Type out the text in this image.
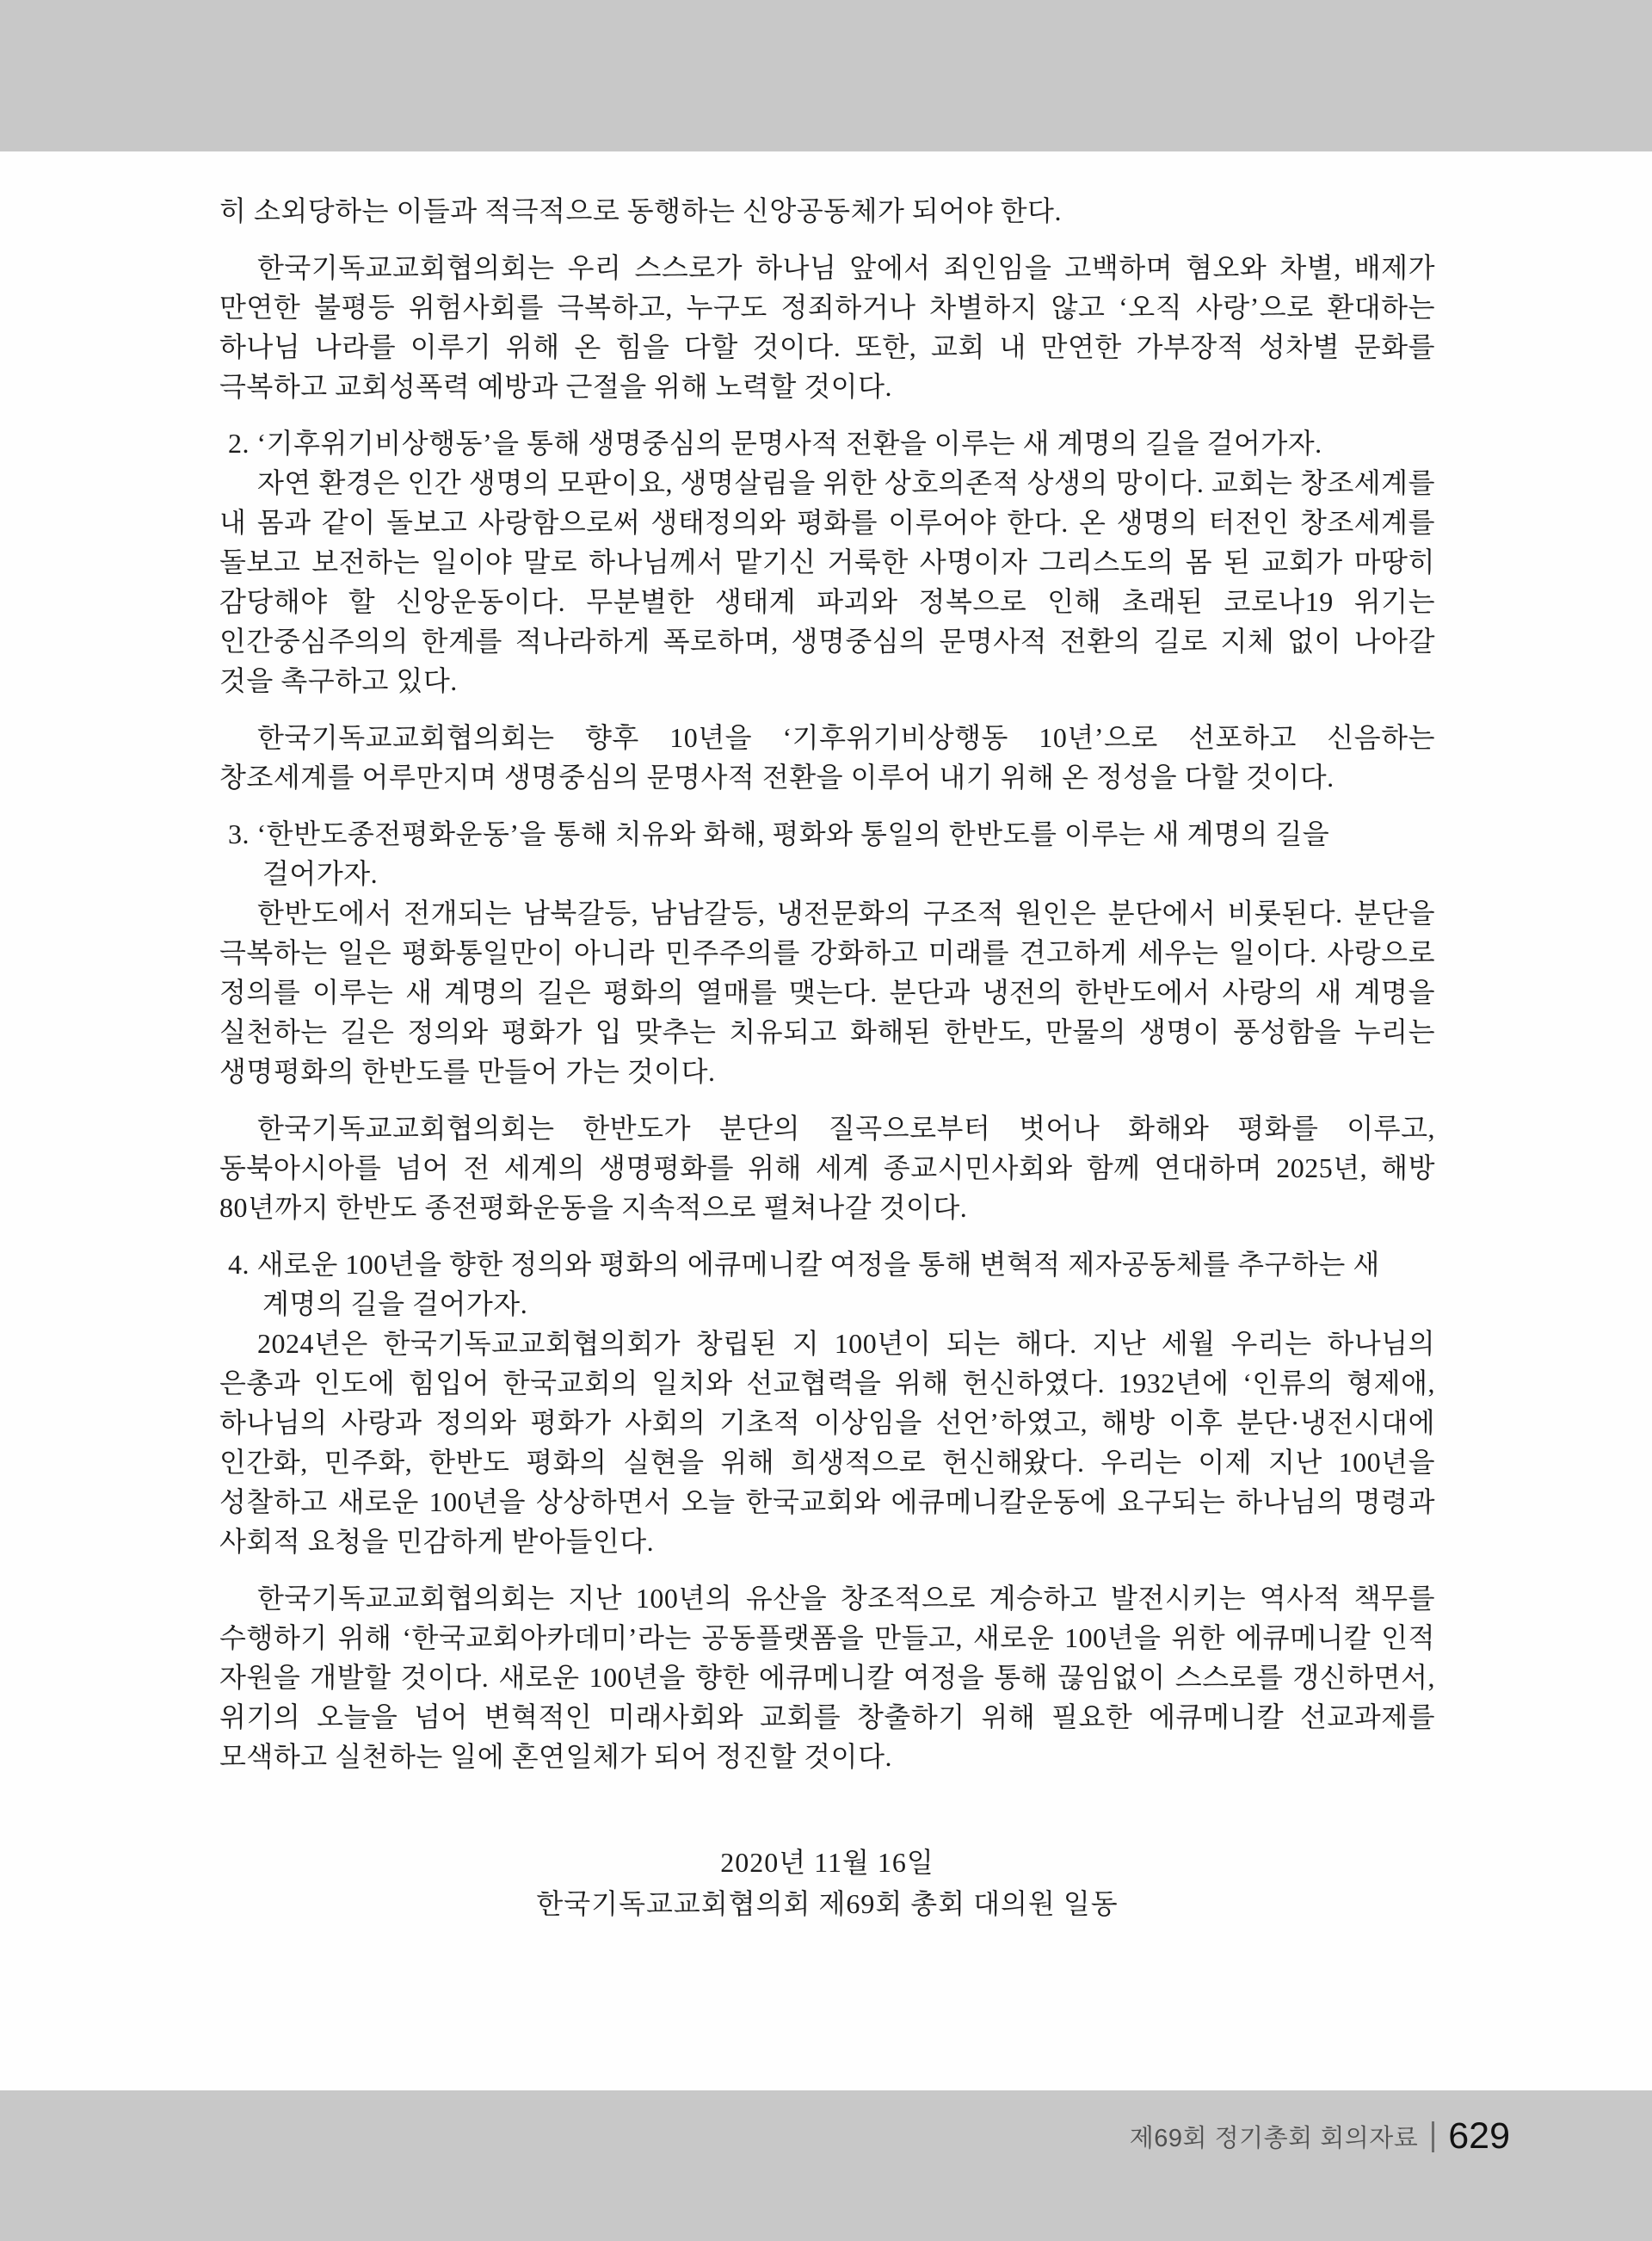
히 소외당하는 이들과 적극적으로 동행하는 신앙공동체가 되어야 한다.

한국기독교교회협의회는 우리 스스로가 하나님 앞에서 죄인임을 고백하며 혐오와 차별, 배제가 만연한 불평등 위험사회를 극복하고, 누구도 정죄하거나 차별하지 않고 ‘오직 사랑’으로 환대하는 하나님 나라를 이루기 위해 온 힘을 다할 것이다. 또한, 교회 내 만연한 가부장적 성차별 문화를 극복하고 교회성폭력 예방과 근절을 위해 노력할 것이다.

2. ‘기후위기비상행동’을 통해 생명중심의 문명사적 전환을 이루는 새 계명의 길을 걸어가자.

자연 환경은 인간 생명의 모판이요, 생명살림을 위한 상호의존적 상생의 망이다. 교회는 창조세계를 내 몸과 같이 돌보고 사랑함으로써 생태정의와 평화를 이루어야 한다. 온 생명의 터전인 창조세계를 돌보고 보전하는 일이야 말로 하나님께서 맡기신 거룩한 사명이자 그리스도의 몸 된 교회가 마땅히 감당해야 할 신앙운동이다. 무분별한 생태계 파괴와 정복으로 인해 초래된 코로나19 위기는 인간중심주의의 한계를 적나라하게 폭로하며, 생명중심의 문명사적 전환의 길로 지체 없이 나아갈 것을 촉구하고 있다.

한국기독교교회협의회는 향후 10년을 ‘기후위기비상행동 10년’으로 선포하고 신음하는 창조세계를 어루만지며 생명중심의 문명사적 전환을 이루어 내기 위해 온 정성을 다할 것이다.

3. ‘한반도종전평화운동’을 통해 치유와 화해, 평화와 통일의 한반도를 이루는 새 계명의 길을 걸어가자.

한반도에서 전개되는 남북갈등, 남남갈등, 냉전문화의 구조적 원인은 분단에서 비롯된다. 분단을 극복하는 일은 평화통일만이 아니라 민주주의를 강화하고 미래를 견고하게 세우는 일이다. 사랑으로 정의를 이루는 새 계명의 길은 평화의 열매를 맺는다. 분단과 냉전의 한반도에서 사랑의 새 계명을 실천하는 길은 정의와 평화가 입 맞추는 치유되고 화해된 한반도, 만물의 생명이 풍성함을 누리는 생명평화의 한반도를 만들어 가는 것이다.

한국기독교교회협의회는 한반도가 분단의 질곡으로부터 벗어나 화해와 평화를 이루고, 동북아시아를 넘어 전 세계의 생명평화를 위해 세계 종교시민사회와 함께 연대하며 2025년, 해방 80년까지 한반도 종전평화운동을 지속적으로 펼쳐나갈 것이다.

4. 새로운 100년을 향한 정의와 평화의 에큐메니칼 여정을 통해 변혁적 제자공동체를 추구하는 새 계명의 길을 걸어가자.

2024년은 한국기독교교회협의회가 창립된 지 100년이 되는 해다. 지난 세월 우리는 하나님의 은총과 인도에 힘입어 한국교회의 일치와 선교협력을 위해 헌신하였다. 1932년에 ‘인류의 형제애, 하나님의 사랑과 정의와 평화가 사회의 기초적 이상임을 선언’하였고, 해방 이후 분단·냉전시대에 인간화, 민주화, 한반도 평화의 실현을 위해 희생적으로 헌신해왔다. 우리는 이제 지난 100년을 성찰하고 새로운 100년을 상상하면서 오늘 한국교회와 에큐메니칼운동에 요구되는 하나님의 명령과 사회적 요청을 민감하게 받아들인다.

한국기독교교회협의회는 지난 100년의 유산을 창조적으로 계승하고 발전시키는 역사적 책무를 수행하기 위해 ‘한국교회아카데미’라는 공동플랫폼을 만들고, 새로운 100년을 위한 에큐메니칼 인적 자원을 개발할 것이다. 새로운 100년을 향한 에큐메니칼 여정을 통해 끊임없이 스스로를 갱신하면서, 위기의 오늘을 넘어 변혁적인 미래사회와 교회를 창출하기 위해 필요한 에큐메니칼 선교과제를 모색하고 실천하는 일에 혼연일체가 되어 정진할 것이다.

2020년 11월 16일
한국기독교교회협의회 제69회 총회 대의원 일동
제69회 정기총회 회의자료 629
